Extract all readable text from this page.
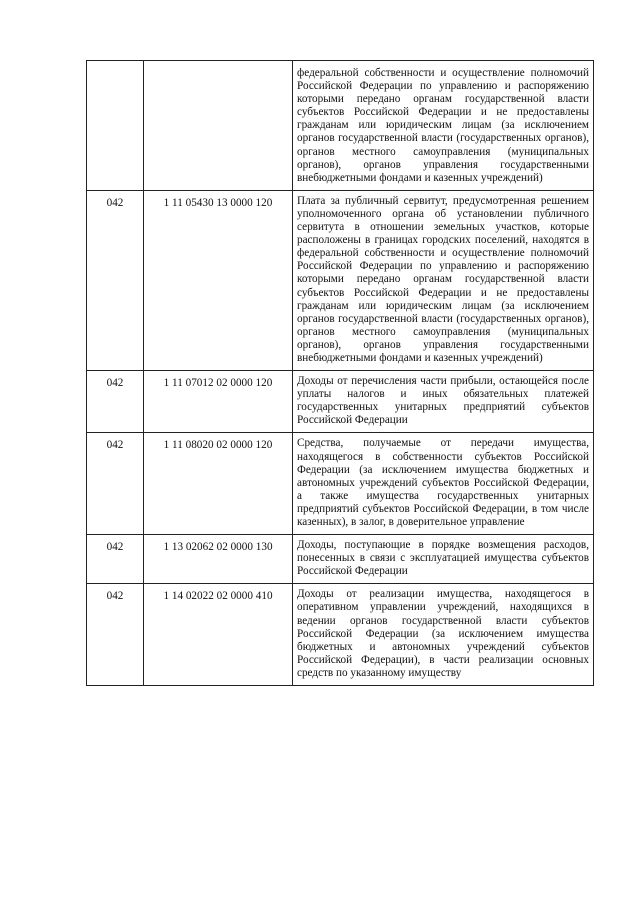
		федеральной собственности и осуществление полномочий Российской Федерации по управлению и распоряжению которыми передано органам государственной власти субъектов Российской Федерации и не предоставлены гражданам или юридическим лицам (за исключением органов государственной власти (государственных органов), органов местного самоуправления (муниципальных органов), органов управления государственными внебюджетными фондами и казенных учреждений)
042	1 11 05430 13 0000 120	Плата за публичный сервитут, предусмотренная решением уполномоченного органа об установлении публичного сервитута в отношении земельных участков, которые расположены в границах городских поселений, находятся в федеральной собственности и осуществление полномочий Российской Федерации по управлению и распоряжению которыми передано органам государственной власти субъектов Российской Федерации и не предоставлены гражданам или юридическим лицам (за исключением органов государственной власти (государственных органов), органов местного самоуправления (муниципальных органов), органов управления государственными внебюджетными фондами и казенных учреждений)
042	1 11 07012 02 0000 120	Доходы от перечисления части прибыли, остающейся после уплаты налогов и иных обязательных платежей государственных унитарных предприятий субъектов Российской Федерации
042	1 11 08020 02 0000 120	Средства, получаемые от передачи имущества, находящегося в собственности субъектов Российской Федерации (за исключением имущества бюджетных и автономных учреждений субъектов Российской Федерации, а также имущества государственных унитарных предприятий субъектов Российской Федерации, в том числе казенных), в залог, в доверительное управление
042	1 13 02062 02 0000 130	Доходы, поступающие в порядке возмещения расходов, понесенных в связи с эксплуатацией имущества субъектов Российской Федерации
042	1 14 02022 02 0000 410	Доходы от реализации имущества, находящегося в оперативном управлении учреждений, находящихся в ведении органов государственной власти субъектов Российской Федерации (за исключением имущества бюджетных и автономных учреждений субъектов Российской Федерации), в части реализации основных средств по указанному имуществу
